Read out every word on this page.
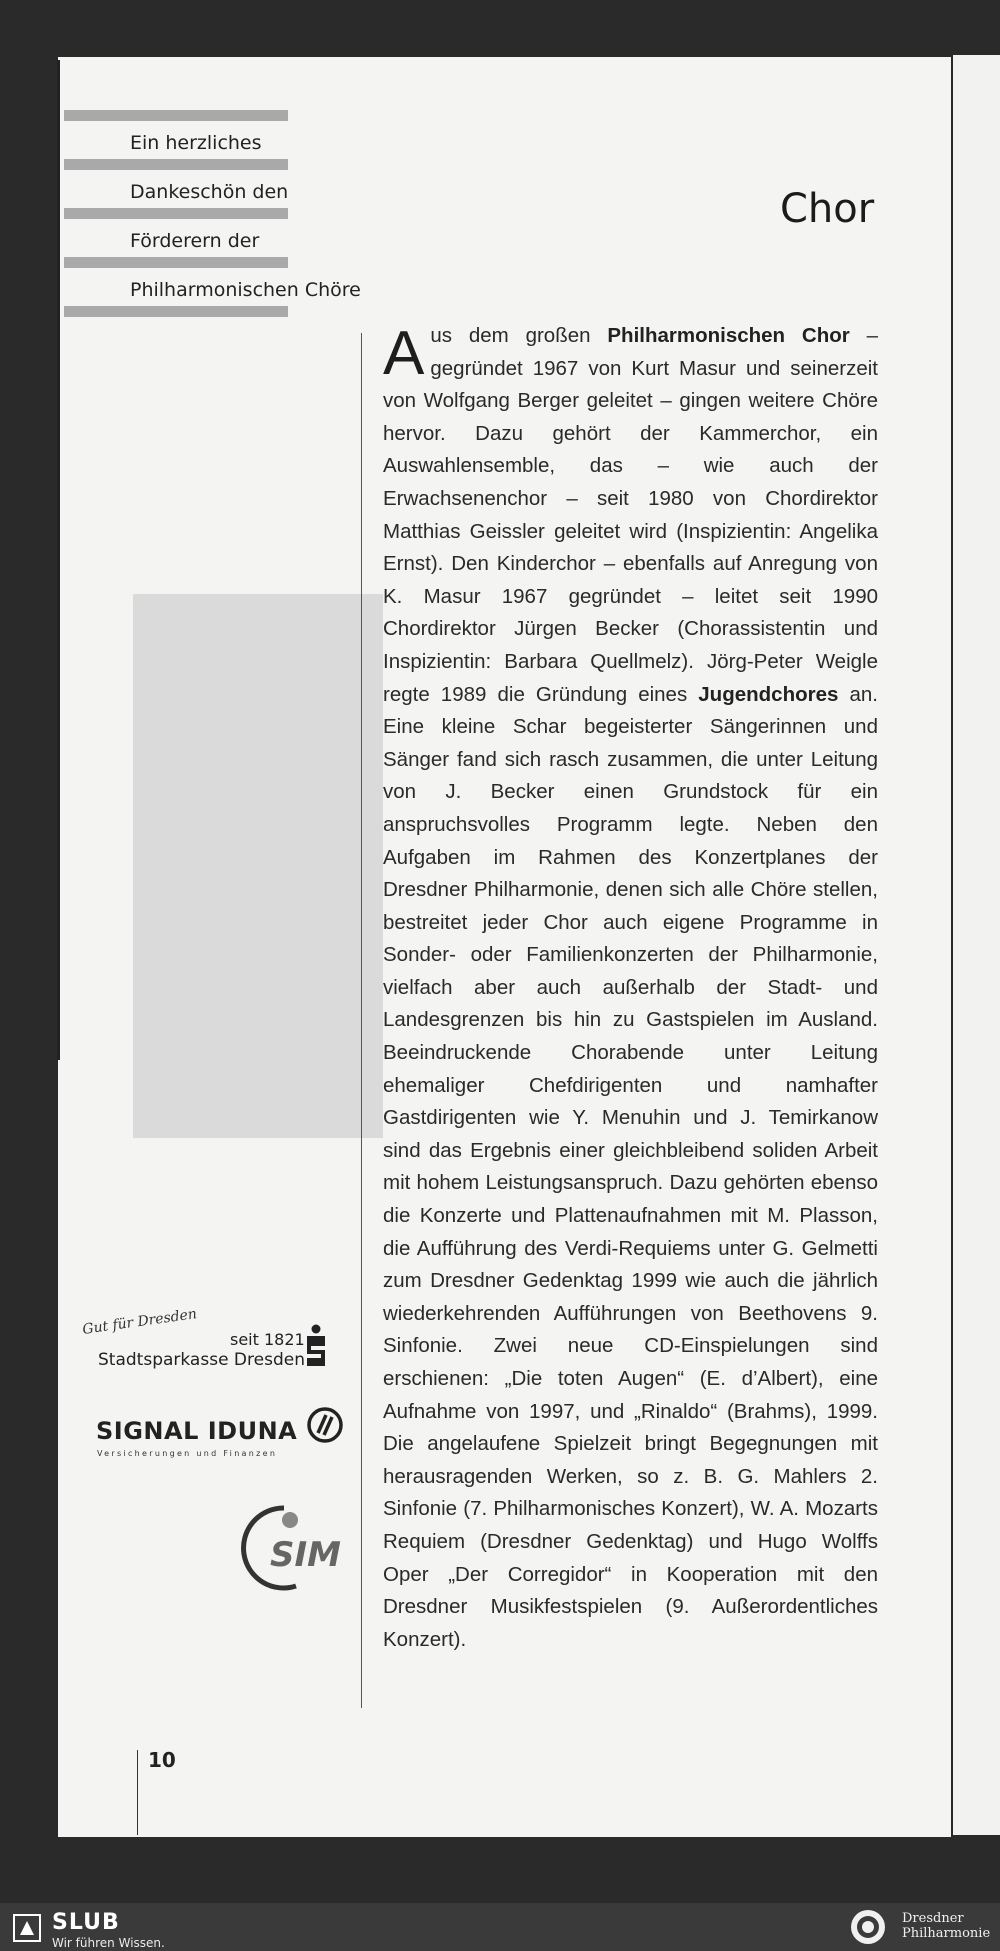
Ein herzliches
Dankeschön den
Förderern der
Philharmonischen Chöre
Chor

Aus dem großen Philharmonischen Chor – gegründet 1967 von Kurt Masur und seinerzeit von Wolfgang Berger geleitet – gingen weitere Chöre hervor. Dazu gehört der Kammerchor, ein Auswahlensemble, das – wie auch der Erwachsenenchor – seit 1980 von Chordirektor Matthias Geissler geleitet wird (Inspizientin: Angelika Ernst). Den Kinderchor – ebenfalls auf Anregung von K. Masur 1967 gegründet – leitet seit 1990 Chordirektor Jürgen Becker (Chorassistentin und Inspizientin: Barbara Quellmelz). Jörg-Peter Weigle regte 1989 die Gründung eines Jugendchores an. Eine kleine Schar begeisterter Sängerinnen und Sänger fand sich rasch zusammen, die unter Leitung von J. Becker einen Grundstock für ein anspruchsvolles Programm legte. Neben den Aufgaben im Rahmen des Konzertplanes der Dresdner Philharmonie, denen sich alle Chöre stellen, bestreitet jeder Chor auch eigene Programme in Sonder- oder Familienkonzerten der Philharmonie, vielfach aber auch außerhalb der Stadt- und Landesgrenzen bis hin zu Gastspielen im Ausland. Beeindruckende Chorabende unter Leitung ehemaliger Chefdirigenten und namhafter Gastdirigenten wie Y. Menuhin und J. Temirkanow sind das Ergebnis einer gleichbleibend soliden Arbeit mit hohem Leistungsanspruch. Dazu gehörten ebenso die Konzerte und Plattenaufnahmen mit M. Plasson, die Aufführung des Verdi-Requiems unter G. Gelmetti zum Dresdner Gedenktag 1999 wie auch die jährlich wiederkehrenden Aufführungen von Beethovens 9. Sinfonie. Zwei neue CD-Einspielungen sind erschienen: „Die toten Augen“ (E. d’Albert), eine Aufnahme von 1997, und „Rinaldo“ (Brahms), 1999. Die angelaufene Spielzeit bringt Begegnungen mit herausragenden Werken, so z. B. G. Mahlers 2. Sinfonie (7. Philharmonisches Konzert), W. A. Mozarts Requiem (Dresdner Gedenktag) und Hugo Wolffs Oper „Der Corregidor“ in Kooperation mit den Dresdner Musikfestspielen (9. Außerordentliches Konzert).

Gut für Dresden
seit 1821
Stadtsparkasse Dresden
SIGNAL IDUNA
Versicherungen und Finanzen
SIM
10
SLUB
Wir führen Wissen.
Dresdner
Philharmonie
